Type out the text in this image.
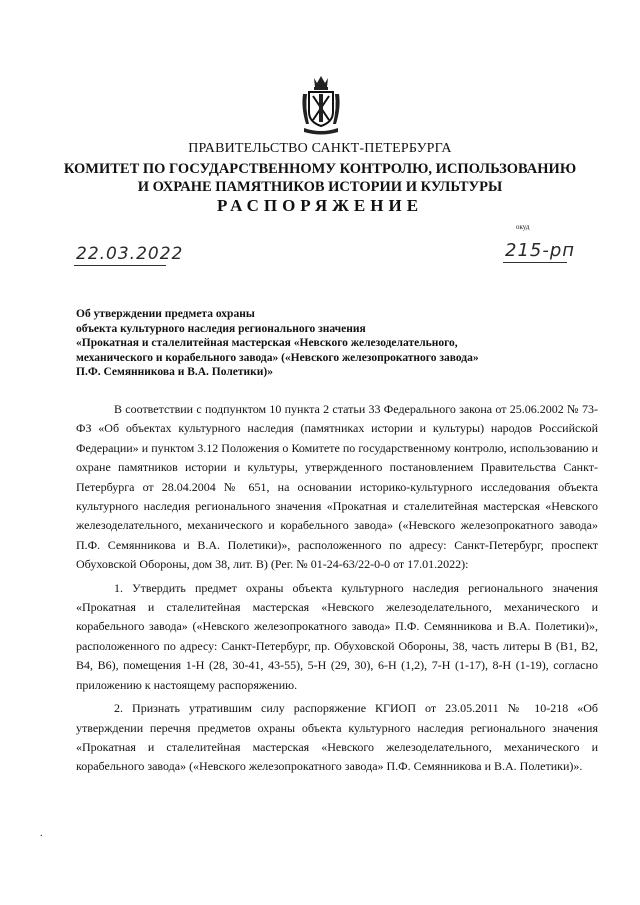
ПРАВИТЕЛЬСТВО САНКТ-ПЕТЕРБУРГА
КОМИТЕТ ПО ГОСУДАРСТВЕННОМУ КОНТРОЛЮ, ИСПОЛЬЗОВАНИЮ
И ОХРАНЕ ПАМЯТНИКОВ ИСТОРИИ И КУЛЬТУРЫ
РАСПОРЯЖЕНИЕ
окуд
22.03.2022	215-рп
Об утверждении предмета охраны
объекта культурного наследия регионального значения
«Прокатная и сталелитейная мастерская «Невского железоделательного,
механического и корабельного завода» («Невского железопрокатного завода»
П.Ф. Семянникова и В.А. Полетики)»

В соответствии с подпунктом 10 пункта 2 статьи 33 Федерального закона от 25.06.2002 № 73-ФЗ «Об объектах культурного наследия (памятниках истории и культуры) народов Российской Федерации» и пунктом 3.12 Положения о Комитете по государственному контролю, использованию и охране памятников истории и культуры, утвержденного постановлением Правительства Санкт-Петербурга от 28.04.2004 № 651, на основании историко-культурного исследования объекта культурного наследия регионального значения «Прокатная и сталелитейная мастерская «Невского железоделательного, механического и корабельного завода» («Невского железопрокатного завода» П.Ф. Семянникова и В.А. Полетики)», расположенного по адресу: Санкт-Петербург, проспект Обуховской Обороны, дом 38, лит. В) (Рег. № 01-24-63/22-0-0 от 17.01.2022):

1. Утвердить предмет охраны объекта культурного наследия регионального значения «Прокатная и сталелитейная мастерская «Невского железоделательного, механического и корабельного завода» («Невского железопрокатного завода» П.Ф. Семянникова и В.А. Полетики)», расположенного по адресу: Санкт-Петербург, пр. Обуховской Обороны, 38, часть литеры В (В1, В2, В4, В6), помещения 1-Н (28, 30-41, 43-55), 5-Н (29, 30), 6-Н (1,2), 7-Н (1-17), 8-Н (1-19), согласно приложению к настоящему распоряжению.

2. Признать утратившим силу распоряжение КГИОП от 23.05.2011 № 10-218 «Об утверждении перечня предметов охраны объекта культурного наследия регионального значения «Прокатная и сталелитейная мастерская «Невского железоделательного, механического и корабельного завода» («Невского железопрокатного завода» П.Ф. Семянникова и В.А. Полетики)».

.
